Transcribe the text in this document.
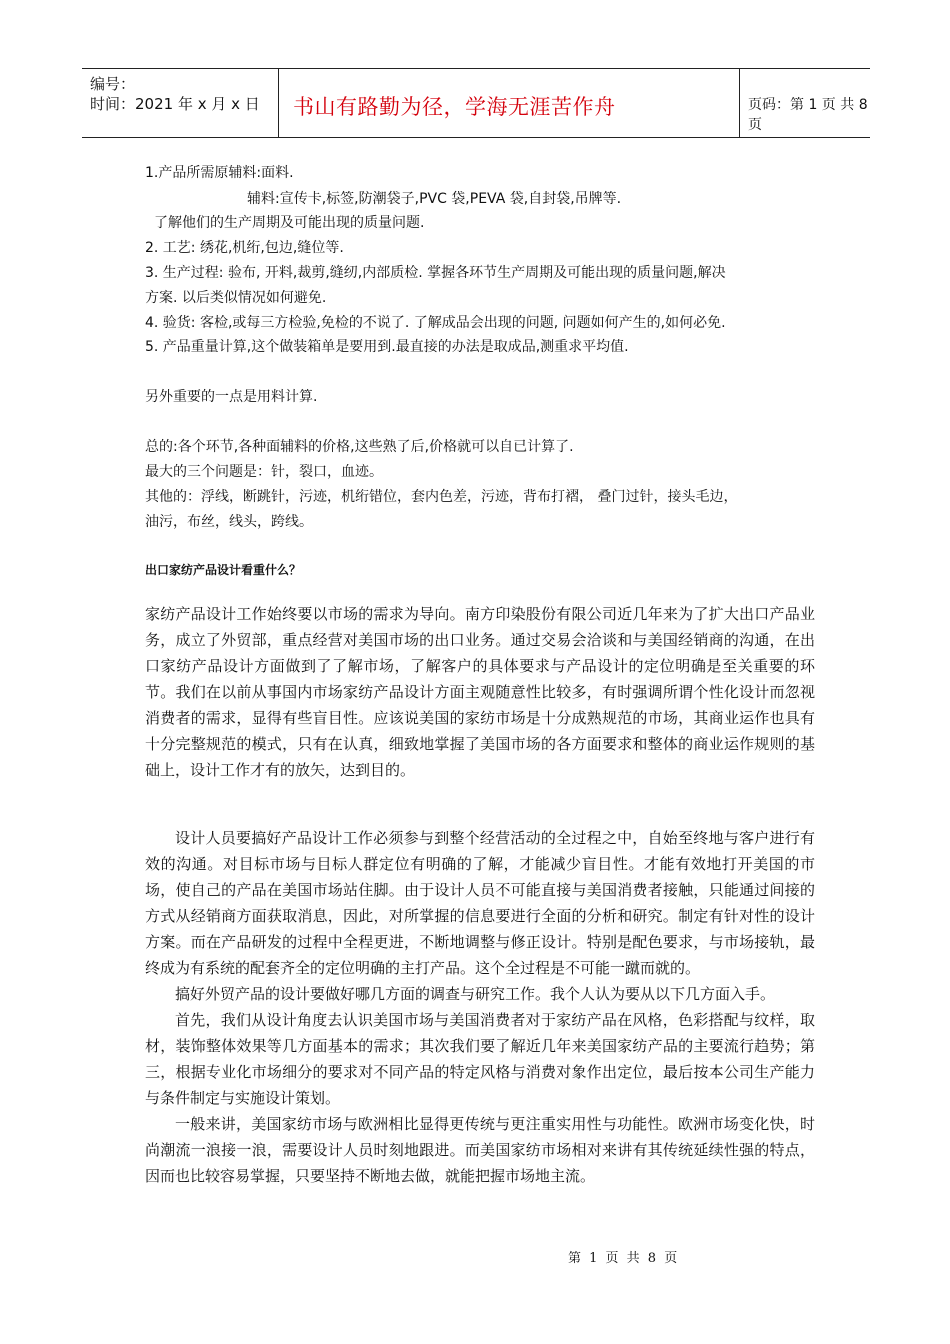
编号：
时间：2021 年 x 月 x 日 书山有路勤为径，学海无涯苦作舟	页码：第 1 页 共 8 页
1.产品所需原辅料:面料.
辅料:宣传卡,标签,防潮袋子,PVC 袋,PEVA 袋,自封袋,吊牌等.
了解他们的生产周期及可能出现的质量问题.
2. 工艺: 绣花,机绗,包边,缝位等.
3. 生产过程: 验布, 开料,裁剪,缝纫,内部质检. 掌握各环节生产周期及可能出现的质量问题,解决
方案. 以后类似情况如何避免.
4. 验货: 客检,或每三方检验,免检的不说了. 了解成品会出现的问题, 问题如何产生的,如何必免.
5. 产品重量计算,这个做装箱单是要用到.最直接的办法是取成品,测重求平均值.
另外重要的一点是用料计算.
总的:各个环节,各种面辅料的价格,这些熟了后,价格就可以自已计算了.
最大的三个问题是：针，裂口，血迹。
其他的：浮线，断跳针，污迹，机绗错位，套内色差，污迹，背布打褶， 叠门过针，接头毛边，
油污，布丝，线头，跨线。
出口家纺产品设计看重什么？

家纺产品设计工作始终要以市场的需求为导向。南方印染股份有限公司近几年来为了扩大出口产品业务，成立了外贸部，重点经营对美国市场的出口业务。通过交易会洽谈和与美国经销商的沟通，在出口家纺产品设计方面做到了了解市场，了解客户的具体要求与产品设计的定位明确是至关重要的环节。我们在以前从事国内市场家纺产品设计方面主观随意性比较多，有时强调所谓个性化设计而忽视消费者的需求，显得有些盲目性。应该说美国的家纺市场是十分成熟规范的市场，其商业运作也具有十分完整规范的模式，只有在认真，细致地掌握了美国市场的各方面要求和整体的商业运作规则的基础上，设计工作才有的放矢，达到目的。

设计人员要搞好产品设计工作必须参与到整个经营活动的全过程之中，自始至终地与客户进行有效的沟通。对目标市场与目标人群定位有明确的了解，才能减少盲目性。才能有效地打开美国的市场，使自己的产品在美国市场站住脚。由于设计人员不可能直接与美国消费者接触，只能通过间接的方式从经销商方面获取消息，因此，对所掌握的信息要进行全面的分析和研究。制定有针对性的设计方案。而在产品研发的过程中全程更进，不断地调整与修正设计。特别是配色要求，与市场接轨，最终成为有系统的配套齐全的定位明确的主打产品。这个全过程是不可能一蹴而就的。

搞好外贸产品的设计要做好哪几方面的调查与研究工作。我个人认为要从以下几方面入手。

首先，我们从设计角度去认识美国市场与美国消费者对于家纺产品在风格，色彩搭配与纹样，取材，装饰整体效果等几方面基本的需求；其次我们要了解近几年来美国家纺产品的主要流行趋势；第三，根据专业化市场细分的要求对不同产品的特定风格与消费对象作出定位，最后按本公司生产能力与条件制定与实施设计策划。

一般来讲，美国家纺市场与欧洲相比显得更传统与更注重实用性与功能性。欧洲市场变化快，时尚潮流一浪接一浪，需要设计人员时刻地跟进。而美国家纺市场相对来讲有其传统延续性强的特点，因而也比较容易掌握，只要坚持不断地去做，就能把握市场地主流。

第 1 页 共 8 页
